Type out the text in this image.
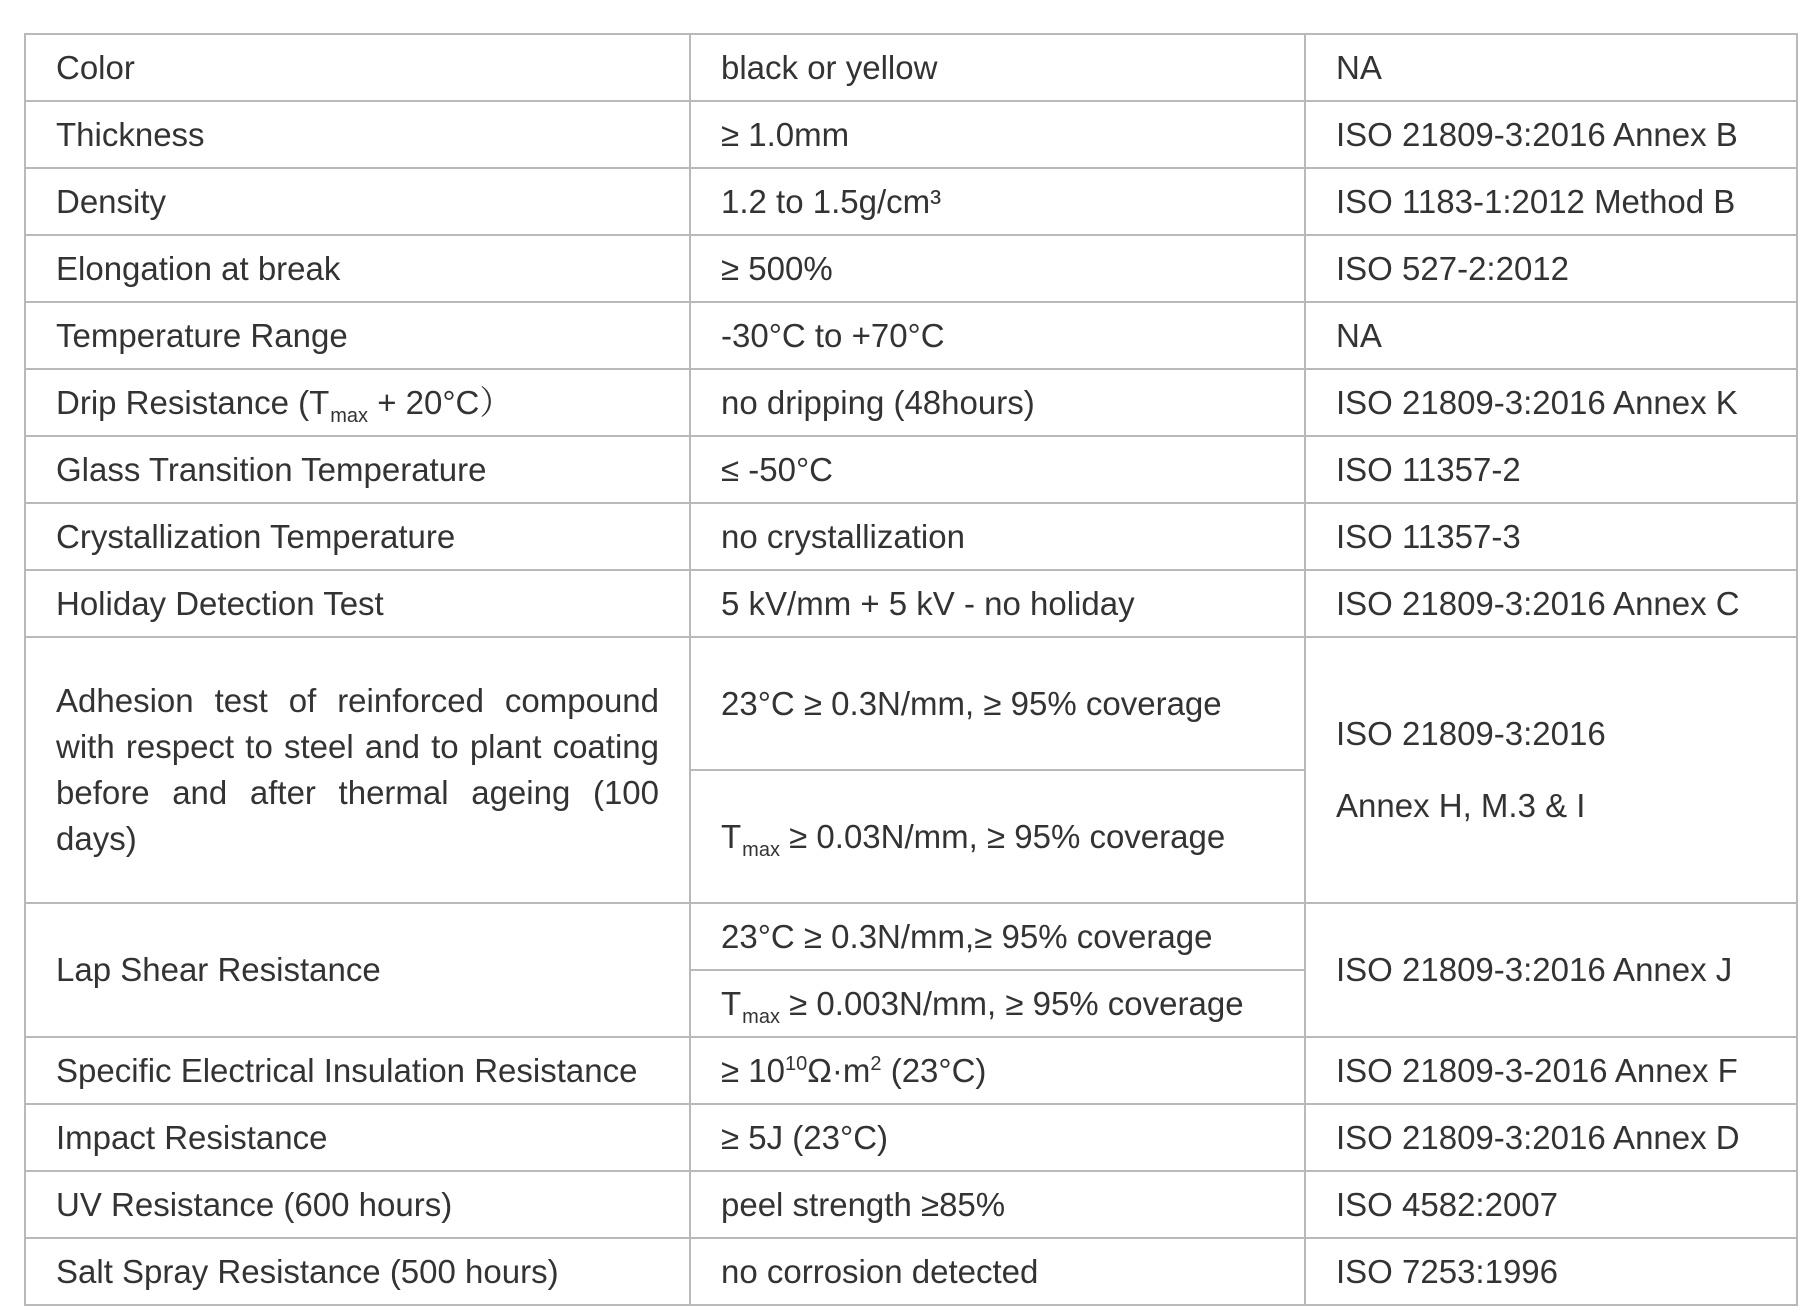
Color	black or yellow	NA
Thickness	≥ 1.0mm	ISO 21809-3:2016 Annex B
Density	1.2 to 1.5g/cm³	ISO 1183-1:2012 Method B
Elongation at break	≥ 500%	ISO 527-2:2012
Temperature Range	-30°C to +70°C	NA
Drip Resistance $(T_{max} + 20^\circ C)$	no dripping (48hours)	ISO 21809-3:2016 Annex K
Glass Transition Temperature	≤ -50°C	ISO 11357-2
Crystallization Temperature	no crystallization	ISO 11357-3
Holiday Detection Test	5 kV/mm + 5 kV - no holiday	ISO 21809-3:2016 Annex C
Adhesion test of reinforced compound with respect to steel and to plant coating before and after thermal ageing (100 days)	23°C ≥ 0.3N/mm, ≥ 95% coverage	ISO 21809-3:2016
Annex H, M.3 & I

	$T_{max} \ge 0.03N/mm$, ≥ 95% coverage	
Lap Shear Resistance	23°C ≥ 0.3N/mm,≥ 95% coverage	ISO 21809-3:2016 Annex J
	$T_{max} \ge 0.003N/mm$, ≥ 95% coverage	
Specific Electrical Insulation Resistance	≥ $10^{10}\Omega\cdot m^2$ (23°C)	ISO 21809-3-2016 Annex F
Impact Resistance	≥ 5J (23°C)	ISO 21809-3:2016 Annex D
UV Resistance (600 hours)	peel strength ≥85%	ISO 4582:2007
Salt Spray Resistance (500 hours)	no corrosion detected	ISO 7253:1996
